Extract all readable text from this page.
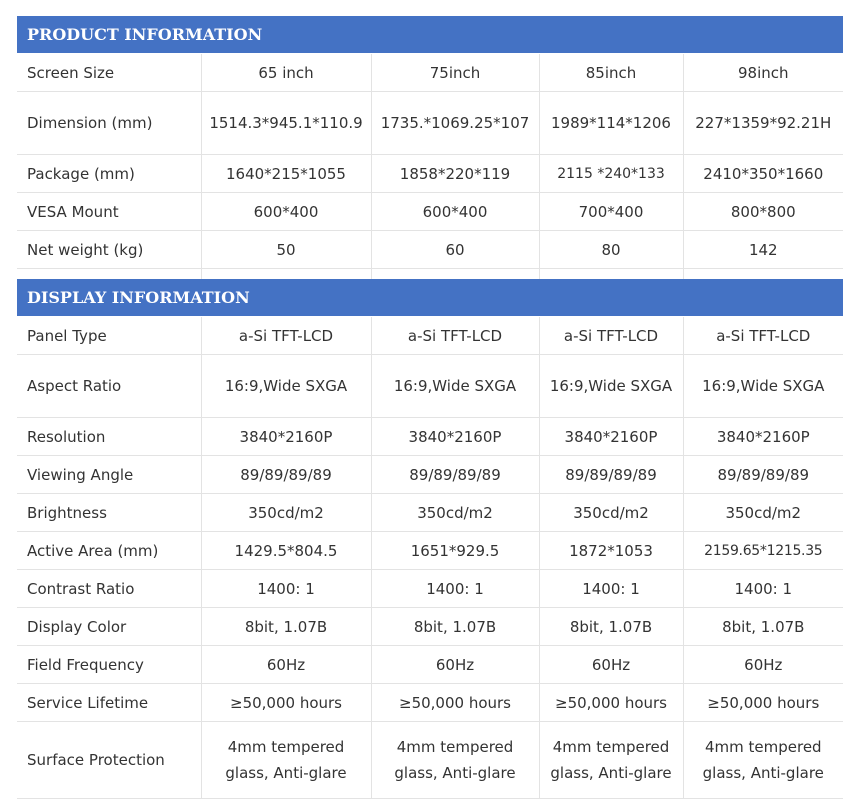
PRODUCT INFORMATION				
Screen Size	65 inch	75inch	85inch	98inch
Dimension (mm)	1514.3*945.1*110.9	1735.*1069.25*107	1989*114*1206	227*1359*92.21H
Package (mm)	1640*215*1055	1858*220*119	2115 *240*133	2410*350*1660
VESA Mount	600*400	600*400	700*400	800*800
Net weight (kg)	50	60	80	142

DISPLAY INFORMATION				
Panel Type	a-Si TFT-LCD	a-Si TFT-LCD	a-Si TFT-LCD	a-Si TFT-LCD
Aspect Ratio	16:9,Wide SXGA	16:9,Wide SXGA	16:9,Wide SXGA	16:9,Wide SXGA
Resolution	3840*2160P	3840*2160P	3840*2160P	3840*2160P
Viewing Angle	89/89/89/89	89/89/89/89	89/89/89/89	89/89/89/89
Brightness	350cd/m2	350cd/m2	350cd/m2	350cd/m2
Active Area (mm)	1429.5*804.5	1651*929.5	1872*1053	2159.65*1215.35
Contrast Ratio	1400: 1	1400: 1	1400: 1	1400: 1
Display Color	8bit, 1.07B	8bit, 1.07B	8bit, 1.07B	8bit, 1.07B
Field Frequency	60Hz	60Hz	60Hz	60Hz
Service Lifetime	≥50,000 hours	≥50,000 hours	≥50,000 hours	≥50,000 hours
Surface Protection	4mm tempered glass, Anti-glare	4mm tempered glass, Anti-glare	4mm tempered glass, Anti-glare	4mm tempered glass, Anti-glare
